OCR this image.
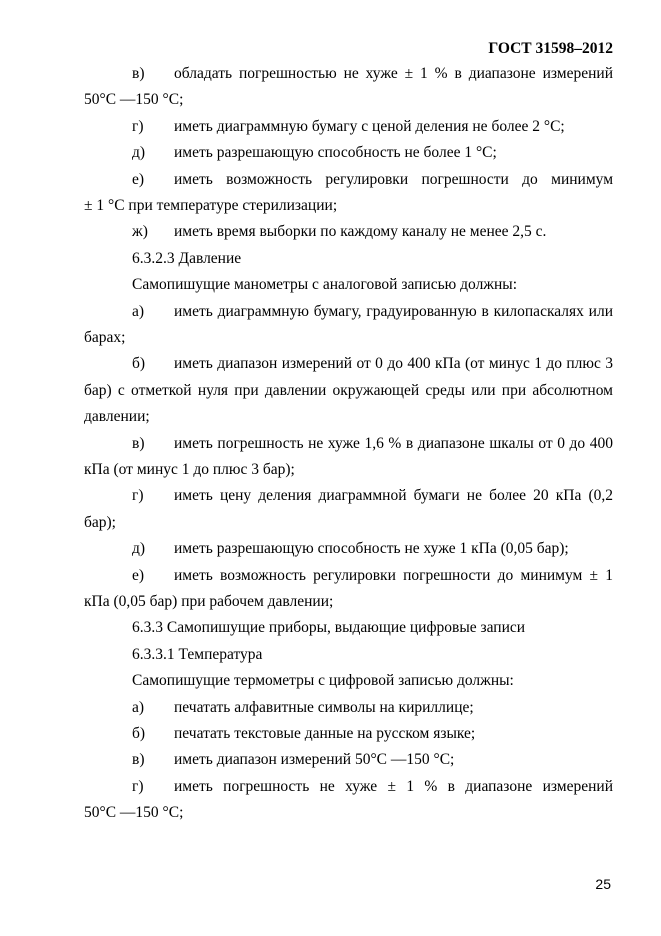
ГОСТ 31598–2012
в) обладать погрешностью не хуже ± 1 % в диапазоне измерений
50°C —150 °C;
г) иметь диаграммную бумагу с ценой деления не более 2 °C;
д) иметь разрешающую способность не более 1 °C;
е) иметь возможность регулировки погрешности до минимум
± 1 °C при температуре стерилизации;
ж) иметь время выборки по каждому каналу не менее 2,5 с.
6.3.2.3 Давление
Самопишущие манометры с аналоговой записью должны:
а) иметь диаграммную бумагу, градуированную в килопаскалях или
барах;
б) иметь диапазон измерений от 0 до 400 кПа (от минус 1 до плюс 3
бар) с отметкой нуля при давлении окружающей среды или при абсолютном
давлении;
в) иметь погрешность не хуже 1,6 % в диапазоне шкалы от 0 до 400
кПа (от минус 1 до плюс 3 бар);
г) иметь цену деления диаграммной бумаги не более 20 кПа (0,2
бар);
д) иметь разрешающую способность не хуже 1 кПа (0,05 бар);
е) иметь возможность регулировки погрешности до минимум ± 1
кПа (0,05 бар) при рабочем давлении;
6.3.3 Самопишущие приборы, выдающие цифровые записи
6.3.3.1 Температура
Самопишущие термометры с цифровой записью должны:
а) печатать алфавитные символы на кириллице;
б) печатать текстовые данные на русском языке;
в) иметь диапазон измерений 50°C —150 °C;
г) иметь погрешность не хуже ± 1 % в диапазоне измерений
50°C —150 °C;
25
